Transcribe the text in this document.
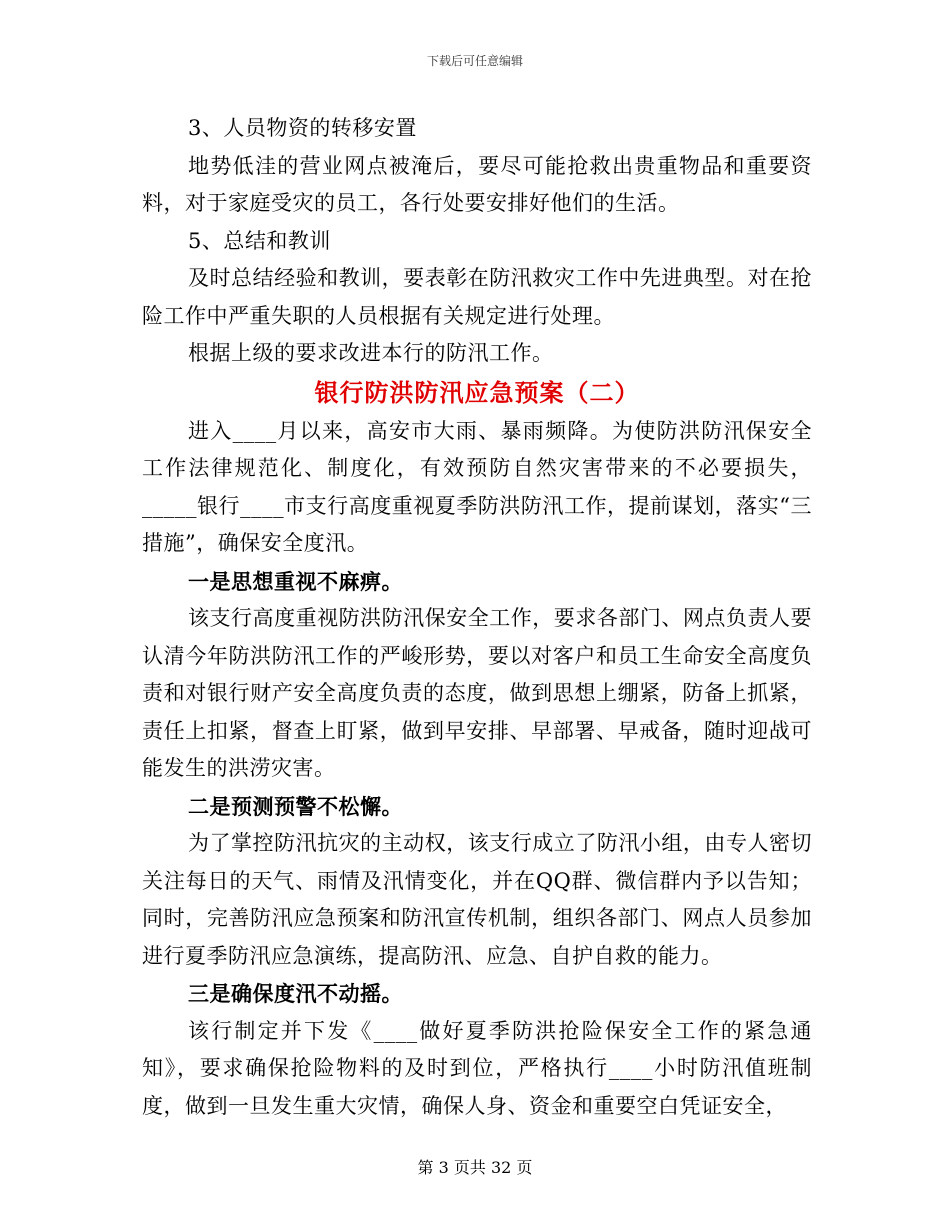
下载后可任意编辑

3、人员物资的转移安置

地势低洼的营业网点被淹后，要尽可能抢救出贵重物品和重要资料，对于家庭受灾的员工，各行处要安排好他们的生活。

5、总结和教训

及时总结经验和教训，要表彰在防汛救灾工作中先进典型。对在抢险工作中严重失职的人员根据有关规定进行处理。

根据上级的要求改进本行的防汛工作。

银行防洪防汛应急预案（二）

进入____月以来，高安市大雨、暴雨频降。为使防洪防汛保安全工作法律规范化、制度化，有效预防自然灾害带来的不必要损失，_____银行____市支行高度重视夏季防洪防汛工作，提前谋划，落实“三措施”，确保安全度汛。

一是思想重视不麻痹。

该支行高度重视防洪防汛保安全工作，要求各部门、网点负责人要认清今年防洪防汛工作的严峻形势，要以对客户和员工生命安全高度负责和对银行财产安全高度负责的态度，做到思想上绷紧，防备上抓紧，责任上扣紧，督查上盯紧，做到早安排、早部署、早戒备，随时迎战可能发生的洪涝灾害。

二是预测预警不松懈。

为了掌控防汛抗灾的主动权，该支行成立了防汛小组，由专人密切关注每日的天气、雨情及汛情变化，并在QQ群、微信群内予以告知；同时，完善防汛应急预案和防汛宣传机制，组织各部门、网点人员参加进行夏季防汛应急演练，提高防汛、应急、自护自救的能力。

三是确保度汛不动摇。

该行制定并下发《____做好夏季防洪抢险保安全工作的紧急通知》，要求确保抢险物料的及时到位，严格执行____小时防汛值班制度，做到一旦发生重大灾情，确保人身、资金和重要空白凭证安全，

第 3 页共 32 页
